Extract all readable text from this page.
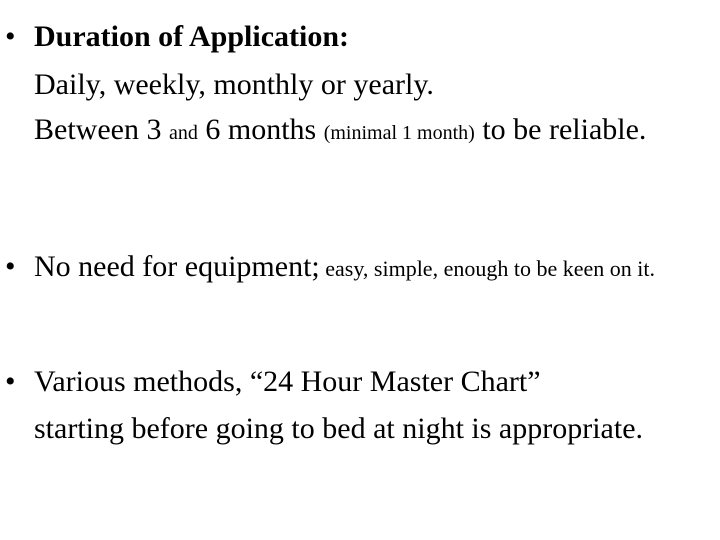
• Duration of Application:
Daily, weekly, monthly or yearly.
Between 3 and 6 months (minimal 1 month) to be reliable.
• No need for equipment; easy, simple, enough to be keen on it.
• Various methods, “24 Hour Master Chart”
starting before going to bed at night is appropriate.
